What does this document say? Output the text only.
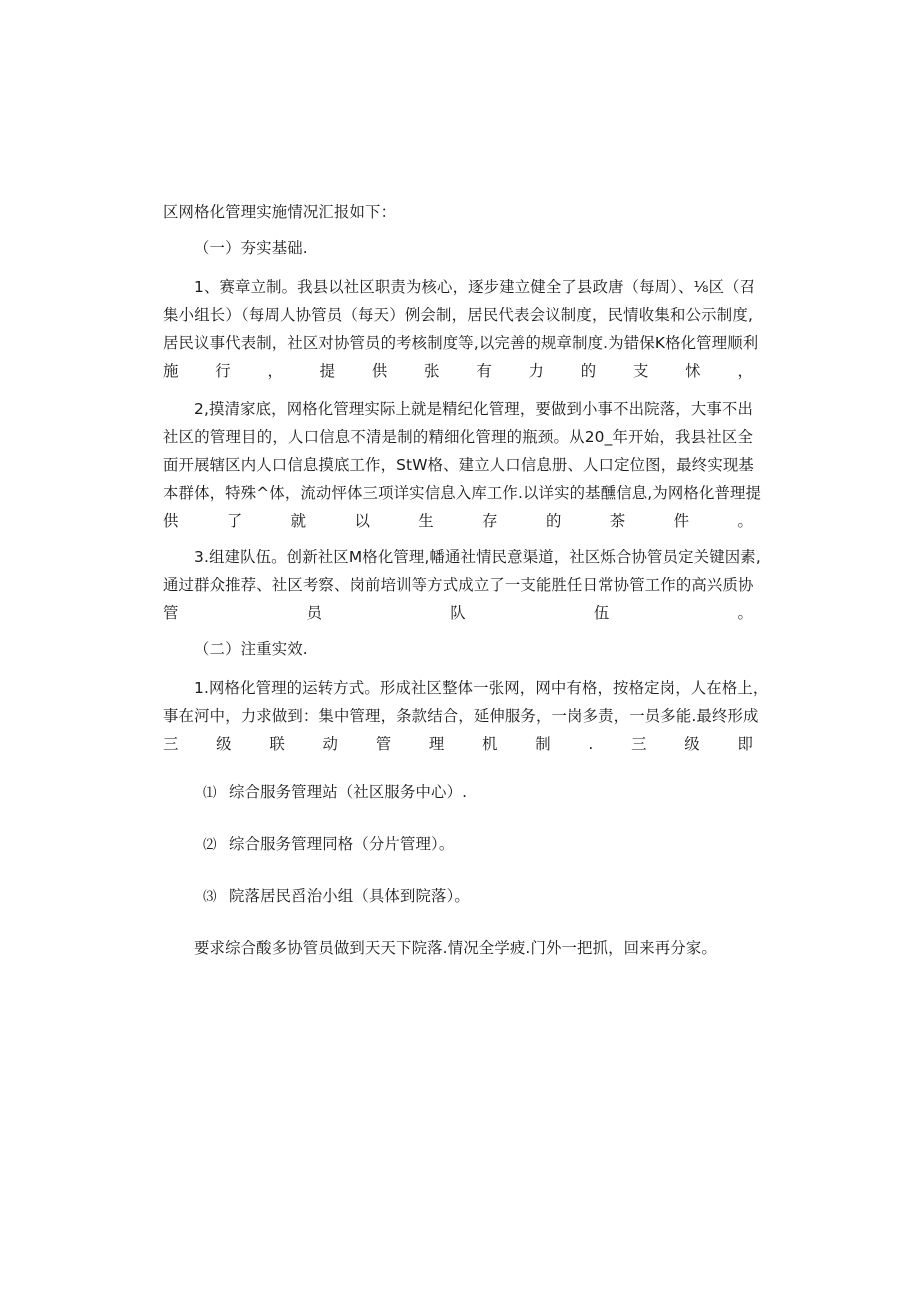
区网格化管理实施情况汇报如下：
（一）夯实基础.
1、赛章立制。我县以社区职责为核心，逐步建立健全了县政唐（每周）、⅛区（召
集小组长）（每周人协管员（每天）例会制，居民代表会议制度，民情收集和公示制度,
居民议事代表制，社区对协管员的考核制度等,以完善的规章制度.为错保K格化管理顺利
施行，提供张有力的支怵，
2,摸清家底，网格化管理实际上就是精纪化管理，要做到小事不出院落，大事不出
社区的管理目的，人口信息不清是制的精细化管理的瓶颈。从20_年开始，我县社区全
面开展辖区内人口信息摸底工作，StW格、建立人口信息册、人口定位图，最终实现基
本群体，特殊^体，流动怦体三项详实信息入库工作.以详实的基醺信息,为网格化普理提
供了就以生存的茶件。
3.组建队伍。创新社区M格化管理,幡通社情民意渠道，社区烁合协管员定关键因素,
通过群众推荐、社区考察、岗前培训等方式成立了一支能胜任日常协管工作的高兴质协
管员队伍。
（二）注重实效.
1.网格化管理的运转方式。形成社区整体一张网，网中有格，按格定岗，人在格上，
事在河中，力求做到：集中管理，条款结合，延伸服务，一岗多责，一员多能.最终形成
三级联动管理机制.三级即
⑴ 综合服务管理站（社区服务中心）.
⑵ 综合服务管理同格（分片管理）。
⑶ 院落居民舀治小组（具体到院落）。
要求综合酸多协管员做到天天下院落.情况全学疲.门外一把抓，回来再分家。
